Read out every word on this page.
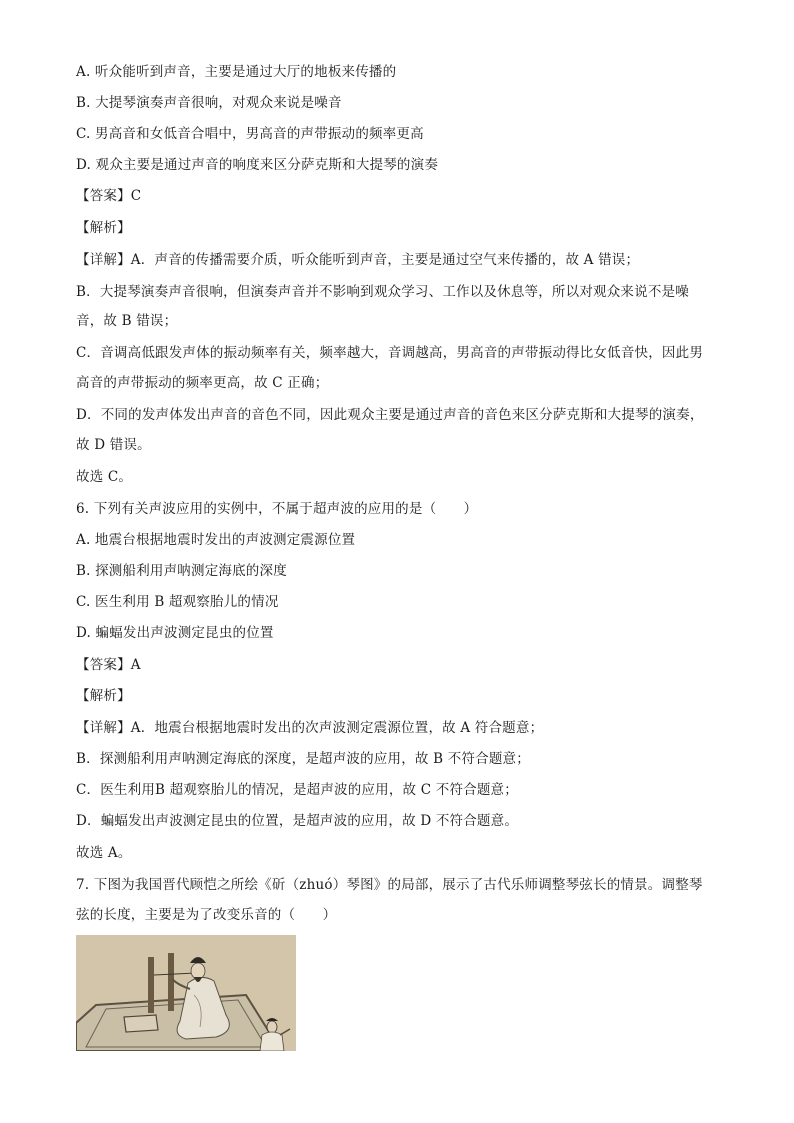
A. 听众能听到声音，主要是通过大厅的地板来传播的
B. 大提琴演奏声音很响，对观众来说是噪音
C. 男高音和女低音合唱中，男高音的声带振动的频率更高
D. 观众主要是通过声音的响度来区分萨克斯和大提琴的演奏
【答案】C
【解析】
【详解】A．声音的传播需要介质，听众能听到声音，主要是通过空气来传播的，故 A 错误；
B．大提琴演奏声音很响，但演奏声音并不影响到观众学习、工作以及休息等，所以对观众来说不是噪
音，故 B 错误；
C．音调高低跟发声体的振动频率有关，频率越大，音调越高，男高音的声带振动得比女低音快，因此男
高音的声带振动的频率更高，故 C 正确；
D．不同的发声体发出声音的音色不同，因此观众主要是通过声音的音色来区分萨克斯和大提琴的演奏，
故 D 错误。
故选 C。
6. 下列有关声波应用的实例中，不属于超声波的应用的是（　　）
A. 地震台根据地震时发出的声波测定震源位置
B. 探测船利用声呐测定海底的深度
C. 医生利用 B 超观察胎儿的情况
D. 蝙蝠发出声波测定昆虫的位置
【答案】A
【解析】
【详解】A．地震台根据地震时发出的次声波测定震源位置，故 A 符合题意；
B．探测船利用声呐测定海底的深度，是超声波的应用，故 B 不符合题意；
C．医生利用B 超观察胎儿的情况，是超声波的应用，故 C 不符合题意；
D．蝙蝠发出声波测定昆虫的位置，是超声波的应用，故 D 不符合题意。
故选 A。
7. 下图为我国晋代顾恺之所绘《斫（zhuó）琴图》的局部，展示了古代乐师调整琴弦长的情景。调整琴
弦的长度，主要是为了改变乐音的（　　）
